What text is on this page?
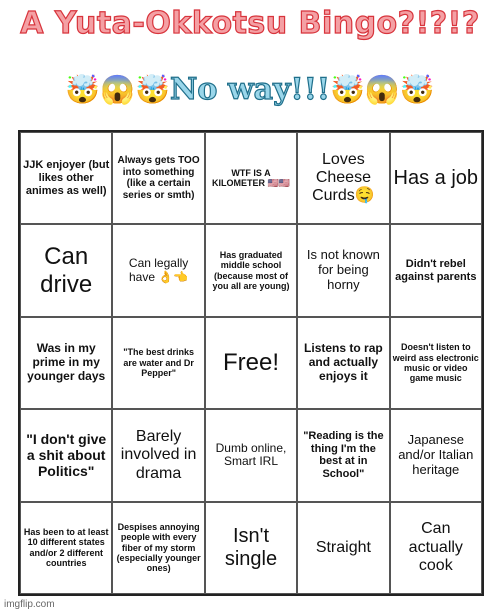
A Yuta-Okkotsu Bingo?!?!?
🤯😱🤯No way!!!🤯😱🤯
JJK enjoyer (but likes other animes as well)
Always gets TOO into something (like a certain series or smth)
WTF IS A KILOMETER 🇺🇸🇺🇸
Loves Cheese Curds🤤
Has a job
Can drive
Can legally have 👌👈
Has graduated middle school (because most of you all are young)
Is not known for being horny
Didn't rebel against parents
Was in my prime in my younger days
"The best drinks are water and Dr Pepper"	Free!
Listens to rap and actually enjoys it
Doesn't listen to weird ass electronic music or video game music
"I don't give a shit about Politics"
Barely involved in drama
Dumb online, Smart IRL
"Reading is the thing I'm the best at in School"
Japanese and/or Italian heritage
Has been to at least 10 different states and/or 2 different countries
Despises annoying people with every fiber of my storm (especially younger ones)
Isn't single
Straight
Can actually cook
imgflip.com
